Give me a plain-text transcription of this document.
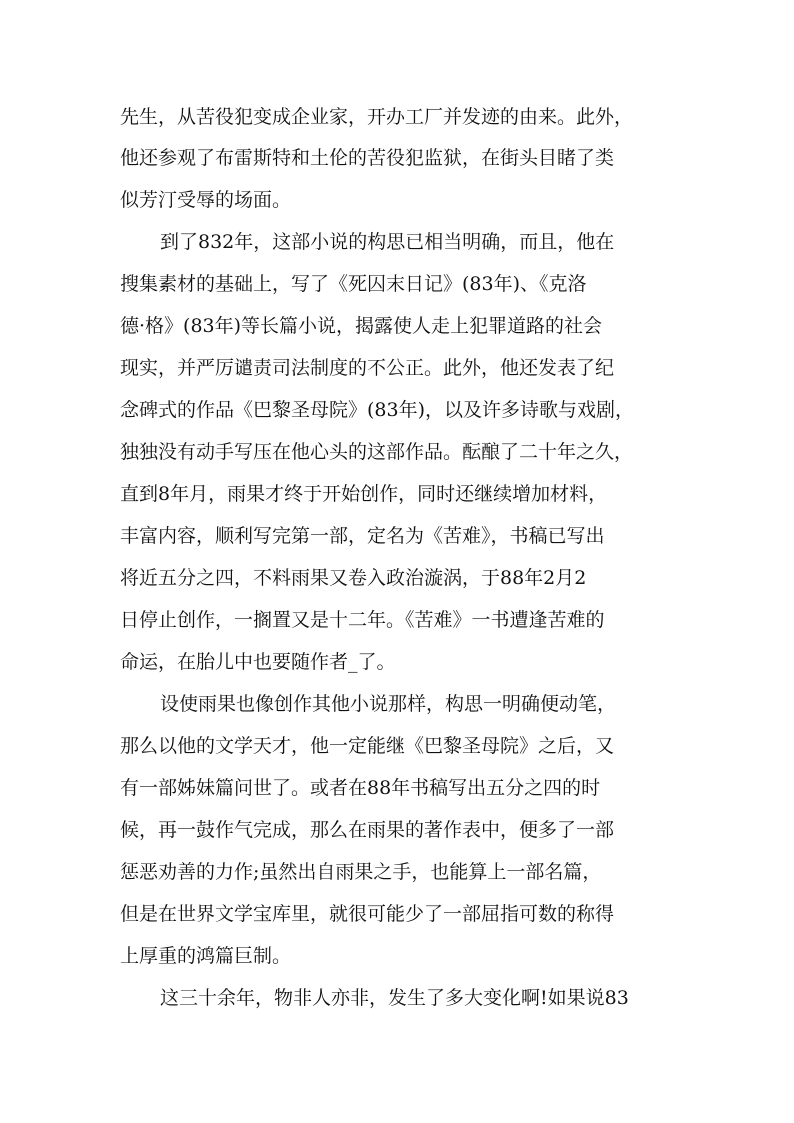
先生，从苦役犯变成企业家，开办工厂并发迹的由来。此外，
他还参观了布雷斯特和土伦的苦役犯监狱，在街头目睹了类
似芳汀受辱的场面。
到了832年，这部小说的构思已相当明确，而且，他在
搜集素材的基础上，写了《死囚末日记》(83年)、《克洛
德·格》(83年)等长篇小说，揭露使人走上犯罪道路的社会
现实，并严厉谴责司法制度的不公正。此外，他还发表了纪
念碑式的作品《巴黎圣母院》(83年)，以及许多诗歌与戏剧，
独独没有动手写压在他心头的这部作品。酝酿了二十年之久，
直到8年月，雨果才终于开始创作，同时还继续增加材料，
丰富内容，顺利写完第一部，定名为《苦难》，书稿已写出
将近五分之四，不料雨果又卷入政治漩涡，于88年2月2
日停止创作，一搁置又是十二年。《苦难》一书遭逢苦难的
命运，在胎儿中也要随作者_了。
设使雨果也像创作其他小说那样，构思一明确便动笔，
那么以他的文学天才，他一定能继《巴黎圣母院》之后，又
有一部姊妹篇问世了。或者在88年书稿写出五分之四的时
候，再一鼓作气完成，那么在雨果的著作表中，便多了一部
惩恶劝善的力作;虽然出自雨果之手，也能算上一部名篇，
但是在世界文学宝库里，就很可能少了一部屈指可数的称得
上厚重的鸿篇巨制。
这三十余年，物非人亦非，发生了多大变化啊!如果说83
